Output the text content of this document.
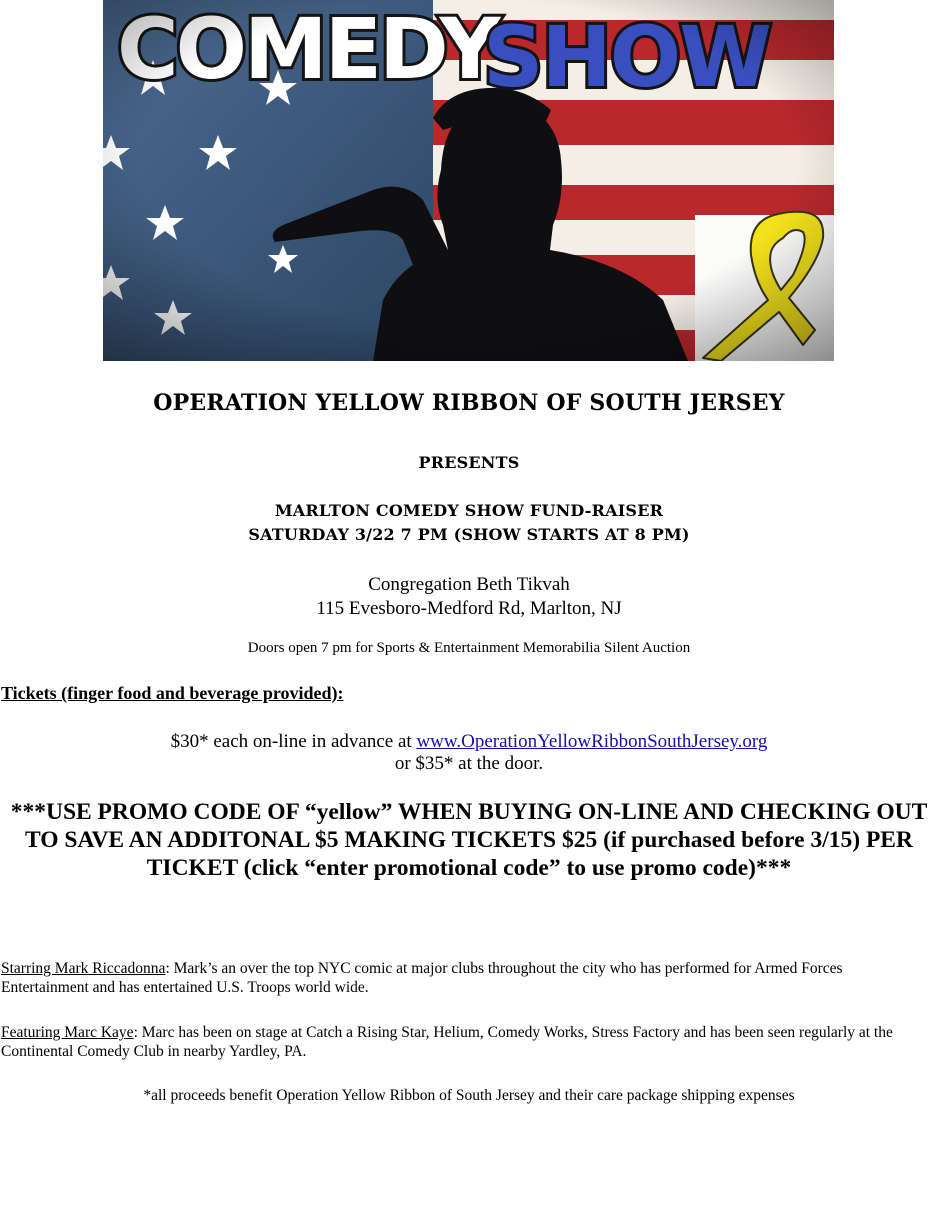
OPERATION YELLOW RIBBON OF SOUTH JERSEY
PRESENTS
MARLTON COMEDY SHOW FUND-RAISER
SATURDAY 3/22 7 PM (SHOW STARTS AT 8 PM)
Congregation Beth Tikvah
115 Evesboro-Medford Rd, Marlton, NJ
Doors open 7 pm for Sports & Entertainment Memorabilia Silent Auction
Tickets (finger food and beverage provided):
$30* each on-line in advance at www.OperationYellowRibbonSouthJersey.org
or $35* at the door.
***USE PROMO CODE OF “yellow” WHEN BUYING ON-LINE AND CHECKING OUT TO SAVE AN ADDITONAL $5 MAKING TICKETS $25 (if purchased before 3/15) PER TICKET (click “enter promotional code” to use promo code)***
Starring Mark Riccadonna: Mark’s an over the top NYC comic at major clubs throughout the city who has performed for Armed Forces Entertainment and has entertained U.S. Troops world wide.
Featuring Marc Kaye: Marc has been on stage at Catch a Rising Star, Helium, Comedy Works, Stress Factory and has been seen regularly at the Continental Comedy Club in nearby Yardley, PA.
*all proceeds benefit Operation Yellow Ribbon of South Jersey and their care package shipping expenses
